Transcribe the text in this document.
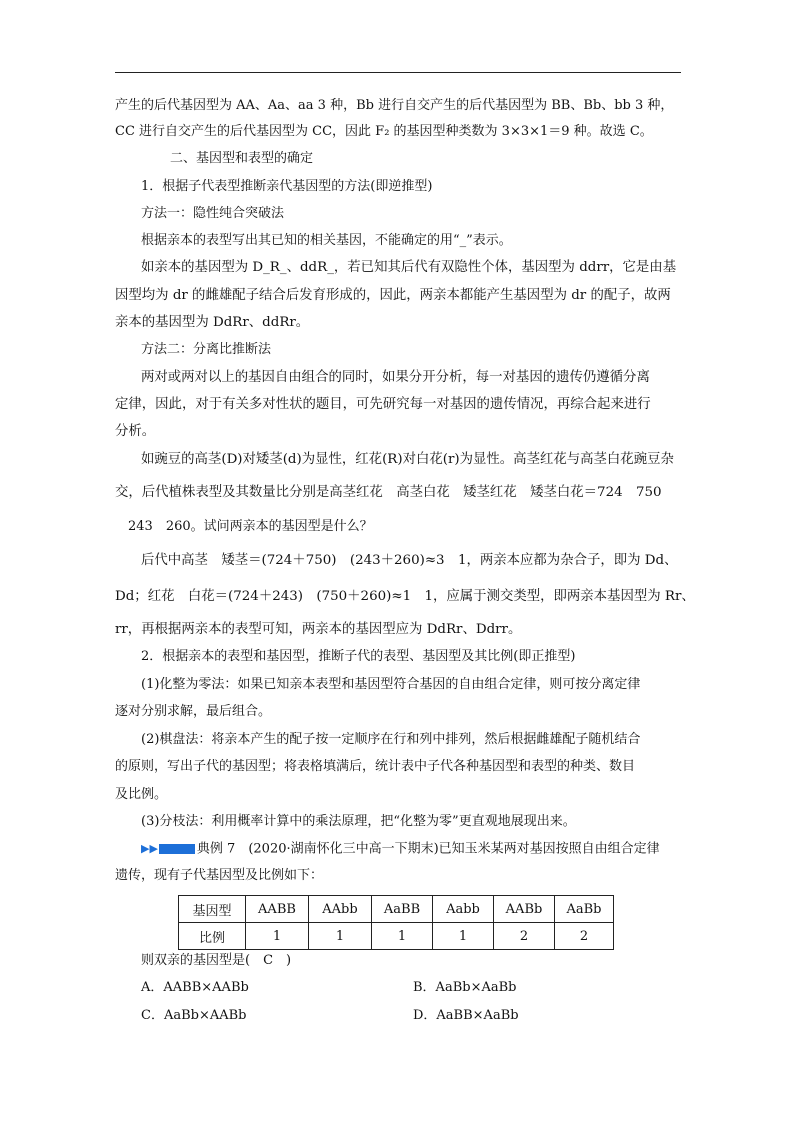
产生的后代基因型为 AA、Aa、aa 3 种，Bb 进行自交产生的后代基因型为 BB、Bb、bb 3 种，
CC 进行自交产生的后代基因型为 CC，因此 F₂ 的基因型种类数为 3×3×1＝9 种。故选 C。
二、基因型和表型的确定
1．根据子代表型推断亲代基因型的方法(即逆推型)
方法一：隐性纯合突破法
根据亲本的表型写出其已知的相关基因，不能确定的用“_”表示。
如亲本的基因型为 D_R_、ddR_，若已知其后代有双隐性个体，基因型为 ddrr，它是由基
因型均为 dr 的雌雄配子结合后发育形成的，因此，两亲本都能产生基因型为 dr 的配子，故两
亲本的基因型为 DdRr、ddRr。
方法二：分离比推断法
两对或两对以上的基因自由组合的同时，如果分开分析，每一对基因的遗传仍遵循分离
定律，因此，对于有关多对性状的题目，可先研究每一对基因的遗传情况，再综合起来进行
分析。
如豌豆的高茎(D)对矮茎(d)为显性，红花(R)对白花(r)为显性。高茎红花与高茎白花豌豆杂
交，后代植株表型及其数量比分别是高茎红花　高茎白花　矮茎红花　矮茎白花＝724　750
243　260。试问两亲本的基因型是什么？
后代中高茎　矮茎＝(724＋750)　(243＋260)≈3　1，两亲本应都为杂合子，即为 Dd、
Dd；红花　白花＝(724＋243)　(750＋260)≈1　1，应属于测交类型，即两亲本基因型为 Rr、
rr，再根据两亲本的表型可知，两亲本的基因型应为 DdRr、Ddrr。
2．根据亲本的表型和基因型，推断子代的表型、基因型及其比例(即正推型)
(1)化整为零法：如果已知亲本表型和基因型符合基因的自由组合定律，则可按分离定律
逐对分别求解，最后组合。
(2)棋盘法：将亲本产生的配子按一定顺序在行和列中排列，然后根据雌雄配子随机结合
的原则，写出子代的基因型；将表格填满后，统计表中子代各种基因型和表型的种类、数目
及比例。
(3)分枝法：利用概率计算中的乘法原理，把“化整为零”更直观地展现出来。
▶▶	典例 7　(2020·湖南怀化三中高一下期末)已知玉米某两对基因按照自由组合定律
遗传，现有子代基因型及比例如下：
基因型	AABB	AAbb	AaBB	Aabb	AABb	AaBb
比例	1	1	1	1	2	2
则双亲的基因型是(　C　)
A．AABB×AABb	B．AaBb×AaBb
C．AaBb×AABb	D．AaBB×AaBb
